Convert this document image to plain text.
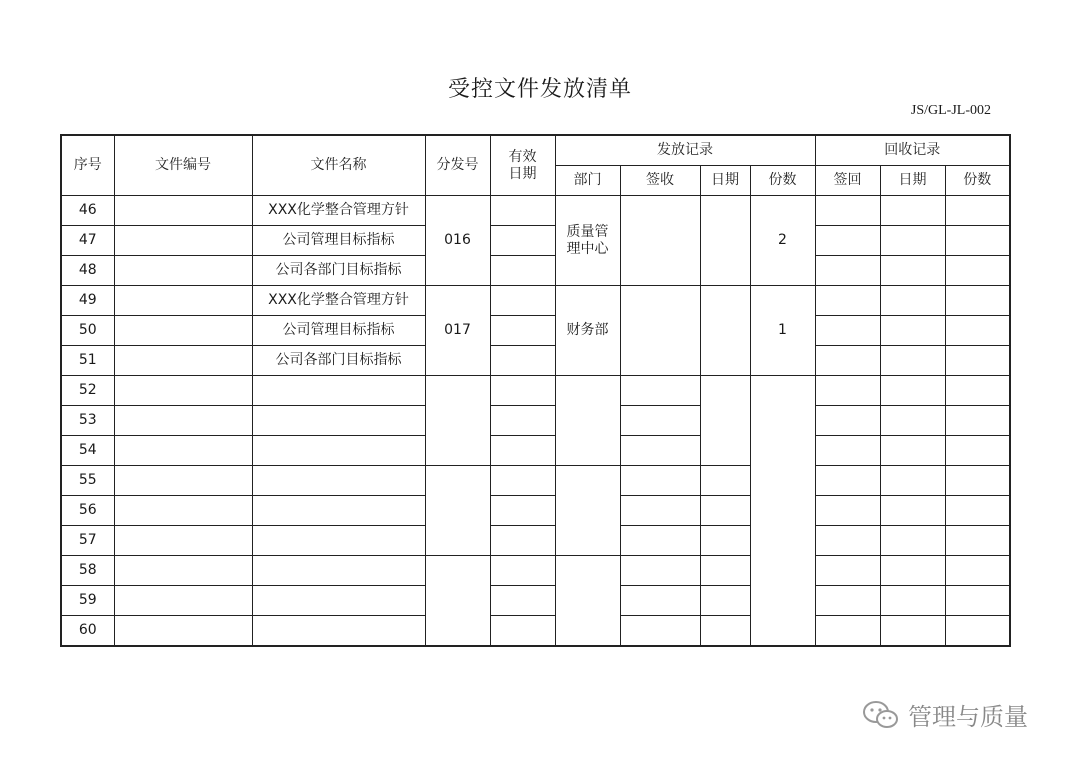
受控文件发放清单
JS/GL-JL-002
序号	文件编号	文件名称	分发号	有效日期	发放记录				回收记录		
					部门	签收	日期	份数	签回	日期	份数
46		XXX化学整合管理方针	016		质量管理中心			2			
47		公司管理目标指标									
48		公司各部门目标指标									
49		XXX化学整合管理方针	017		财务部			1			
50		公司管理目标指标									
51		公司各部门目标指标									
52											
53											
54											
55											
56											
57											
58											
59											
60											
管理与质量
